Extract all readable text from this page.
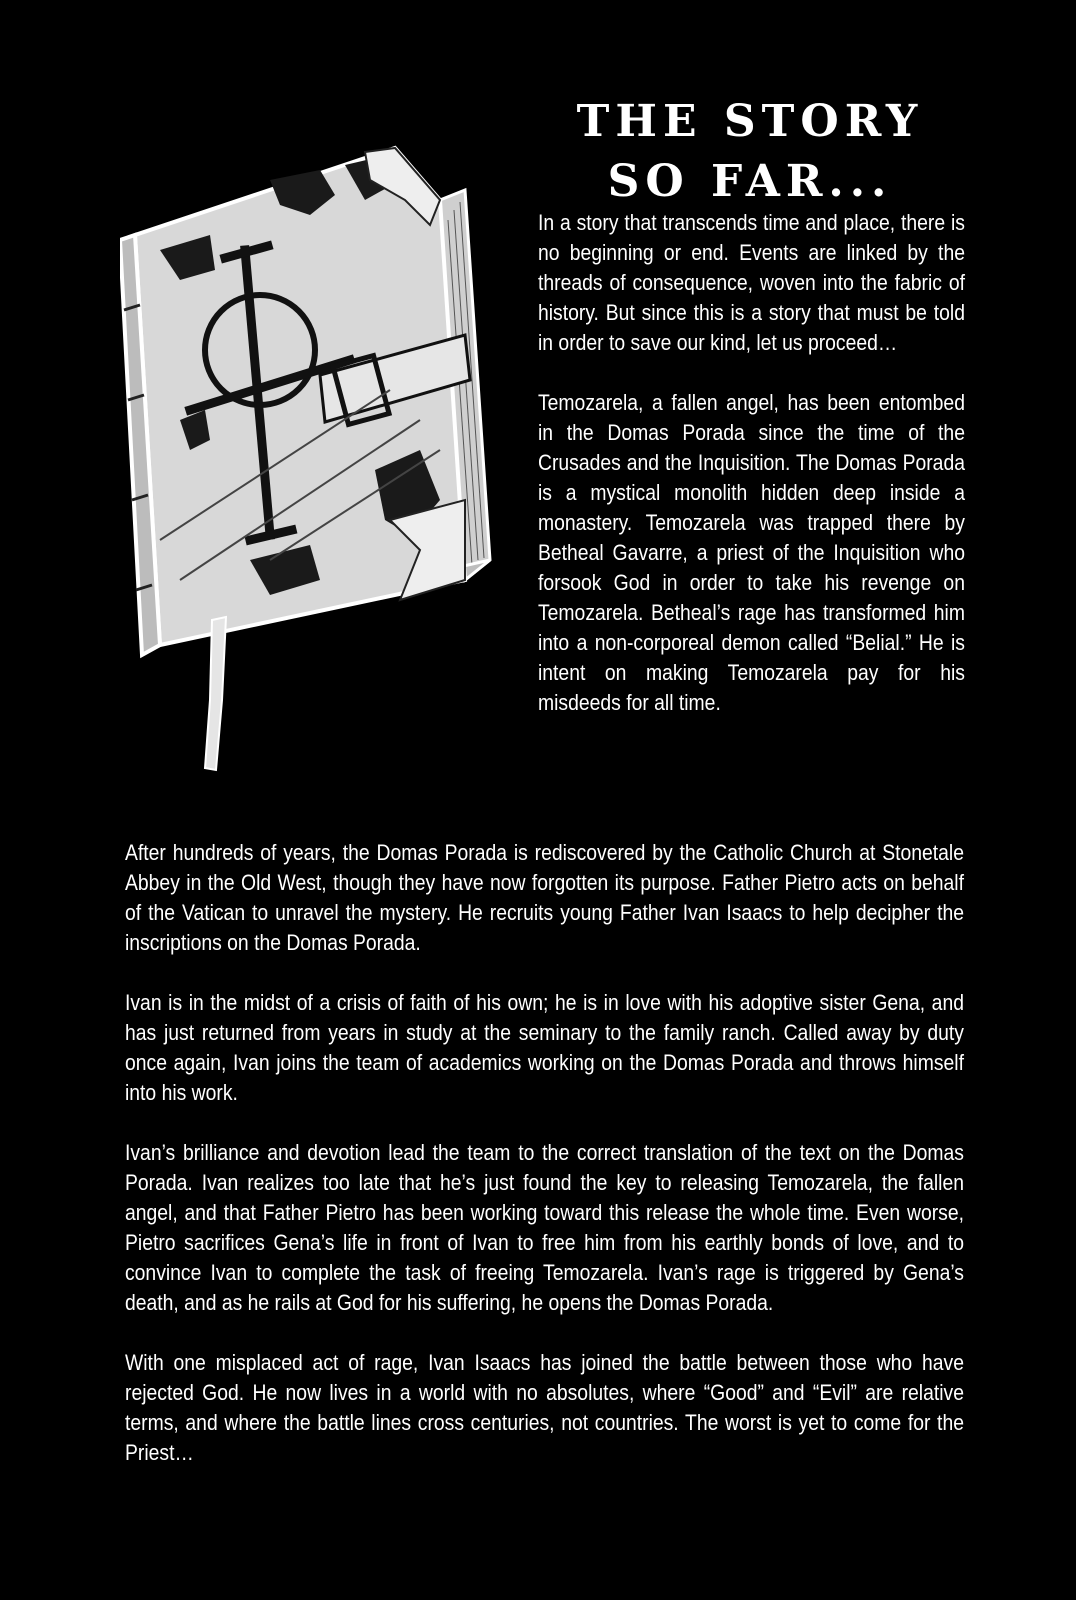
THE STORY
SO FAR...

In a story that transcends time and place, there is no beginning or end. Events are linked by the threads of consequence, woven into the fabric of history. But since this is a story that must be told in order to save our kind, let us proceed…

Temozarela, a fallen angel, has been entombed in the Domas Porada since the time of the Crusades and the Inquisition. The Domas Porada is a mystical monolith hidden deep inside a monastery. Temozarela was trapped there by Betheal Gavarre, a priest of the Inquisition who forsook God in order to take his revenge on Temozarela. Betheal’s rage has transformed him into a non-corporeal demon called “Belial.” He is intent on making Temozarela pay for his misdeeds for all time.

After hundreds of years, the Domas Porada is rediscovered by the Catholic Church at Stonetale Abbey in the Old West, though they have now forgotten its purpose. Father Pietro acts on behalf of the Vatican to unravel the mystery. He recruits young Father Ivan Isaacs to help decipher the inscriptions on the Domas Porada.

Ivan is in the midst of a crisis of faith of his own; he is in love with his adoptive sister Gena, and has just returned from years in study at the seminary to the family ranch. Called away by duty once again, Ivan joins the team of academics working on the Domas Porada and throws himself into his work.

Ivan’s brilliance and devotion lead the team to the correct translation of the text on the Domas Porada. Ivan realizes too late that he’s just found the key to releasing Temozarela, the fallen angel, and that Father Pietro has been working toward this release the whole time. Even worse, Pietro sacrifices Gena’s life in front of Ivan to free him from his earthly bonds of love, and to convince Ivan to complete the task of freeing Temozarela. Ivan’s rage is triggered by Gena’s death, and as he rails at God for his suffering, he opens the Domas Porada.

With one misplaced act of rage, Ivan Isaacs has joined the battle between those who have rejected God. He now lives in a world with no absolutes, where “Good” and “Evil” are relative terms, and where the battle lines cross centuries, not countries. The worst is yet to come for the Priest…
